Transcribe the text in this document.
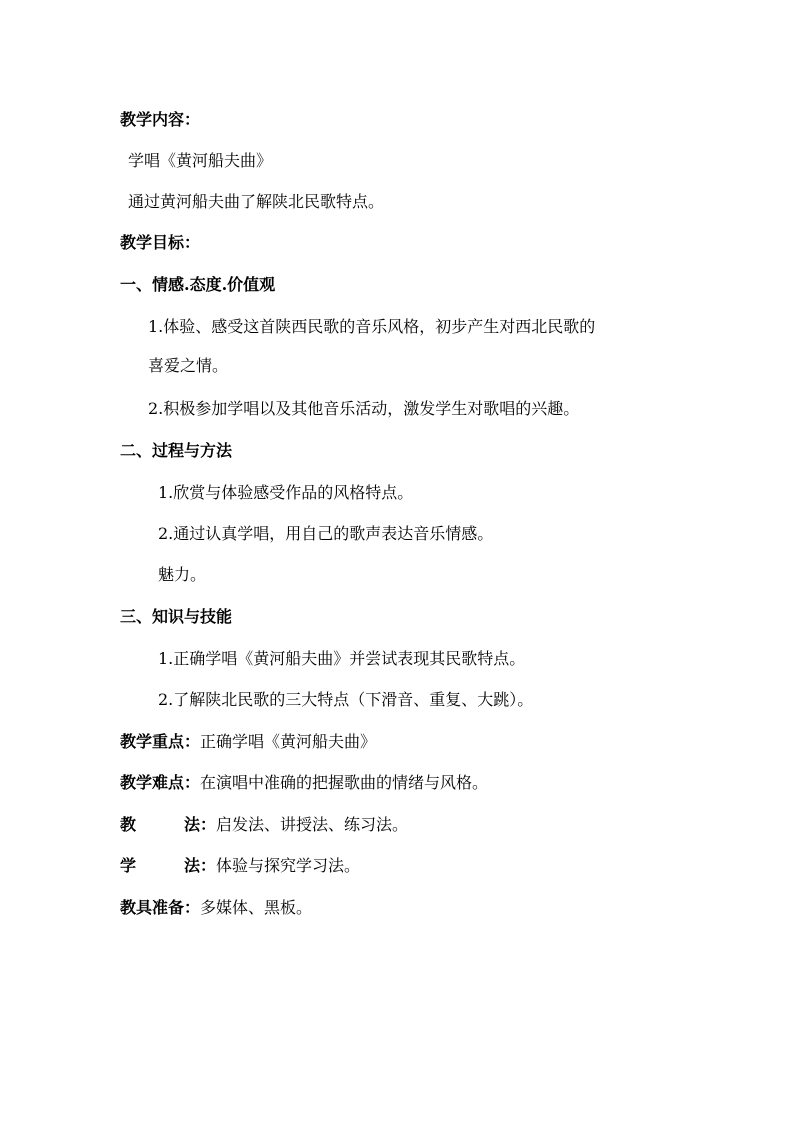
教学内容：
学唱《黄河船夫曲》
通过黄河船夫曲了解陕北民歌特点。
教学目标：
一、情感.态度.价值观
1.体验、感受这首陕西民歌的音乐风格，初步产生对西北民歌的
喜爱之情。
2.积极参加学唱以及其他音乐活动，激发学生对歌唱的兴趣。
二、过程与方法
1.欣赏与体验感受作品的风格特点。
2.通过认真学唱，用自己的歌声表达音乐情感。
魅力。
三、知识与技能
1.正确学唱《黄河船夫曲》并尝试表现其民歌特点。
2.了解陕北民歌的三大特点（下滑音、重复、大跳）。
教学重点：正确学唱《黄河船夫曲》
教学难点：在演唱中准确的把握歌曲的情绪与风格。
教	法：启发法、讲授法、练习法。
学	法：体验与探究学习法。
教具准备：多媒体、黑板。
